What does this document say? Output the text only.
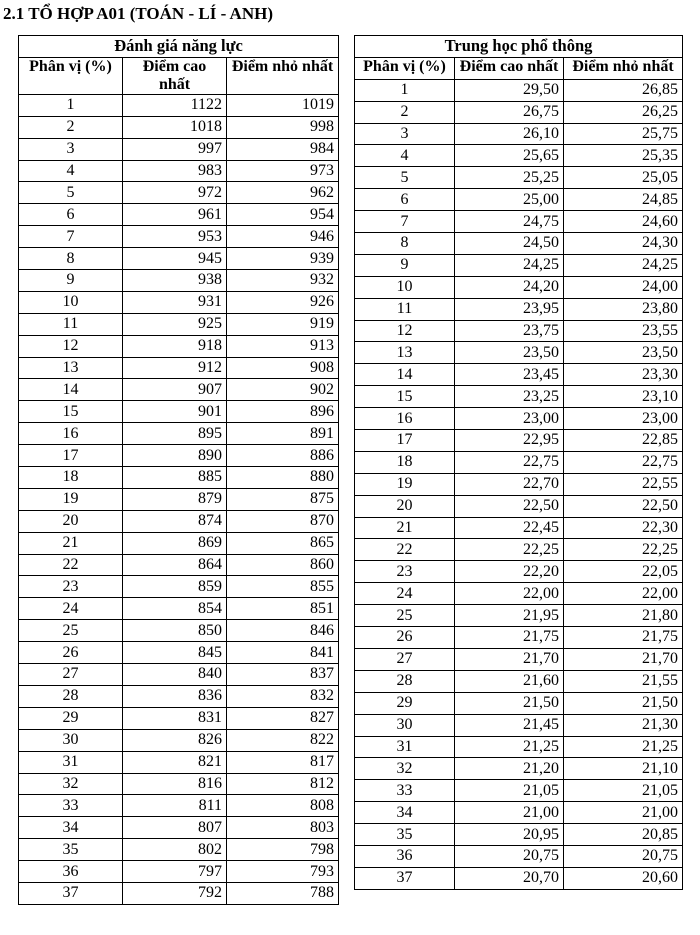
2.1 TỔ HỢP A01 (TOÁN - LÍ - ANH)
Đánh giá năng lực		
Phân vị (%)	Điểm cao nhất	Điểm nhỏ nhất
1	1122	1019
2	1018	998
3	997	984
4	983	973
5	972	962
6	961	954
7	953	946
8	945	939
9	938	932
10	931	926
11	925	919
12	918	913
13	912	908
14	907	902
15	901	896
16	895	891
17	890	886
18	885	880
19	879	875
20	874	870
21	869	865
22	864	860
23	859	855
24	854	851
25	850	846
26	845	841
27	840	837
28	836	832
29	831	827
30	826	822
31	821	817
32	816	812
33	811	808
34	807	803
35	802	798
36	797	793
37	792	788
Trung học phổ thông		
Phân vị (%)	Điểm cao nhất	Điểm nhỏ nhất
1	29,50	26,85
2	26,75	26,25
3	26,10	25,75
4	25,65	25,35
5	25,25	25,05
6	25,00	24,85
7	24,75	24,60
8	24,50	24,30
9	24,25	24,25
10	24,20	24,00
11	23,95	23,80
12	23,75	23,55
13	23,50	23,50
14	23,45	23,30
15	23,25	23,10
16	23,00	23,00
17	22,95	22,85
18	22,75	22,75
19	22,70	22,55
20	22,50	22,50
21	22,45	22,30
22	22,25	22,25
23	22,20	22,05
24	22,00	22,00
25	21,95	21,80
26	21,75	21,75
27	21,70	21,70
28	21,60	21,55
29	21,50	21,50
30	21,45	21,30
31	21,25	21,25
32	21,20	21,10
33	21,05	21,05
34	21,00	21,00
35	20,95	20,85
36	20,75	20,75
37	20,70	20,60
